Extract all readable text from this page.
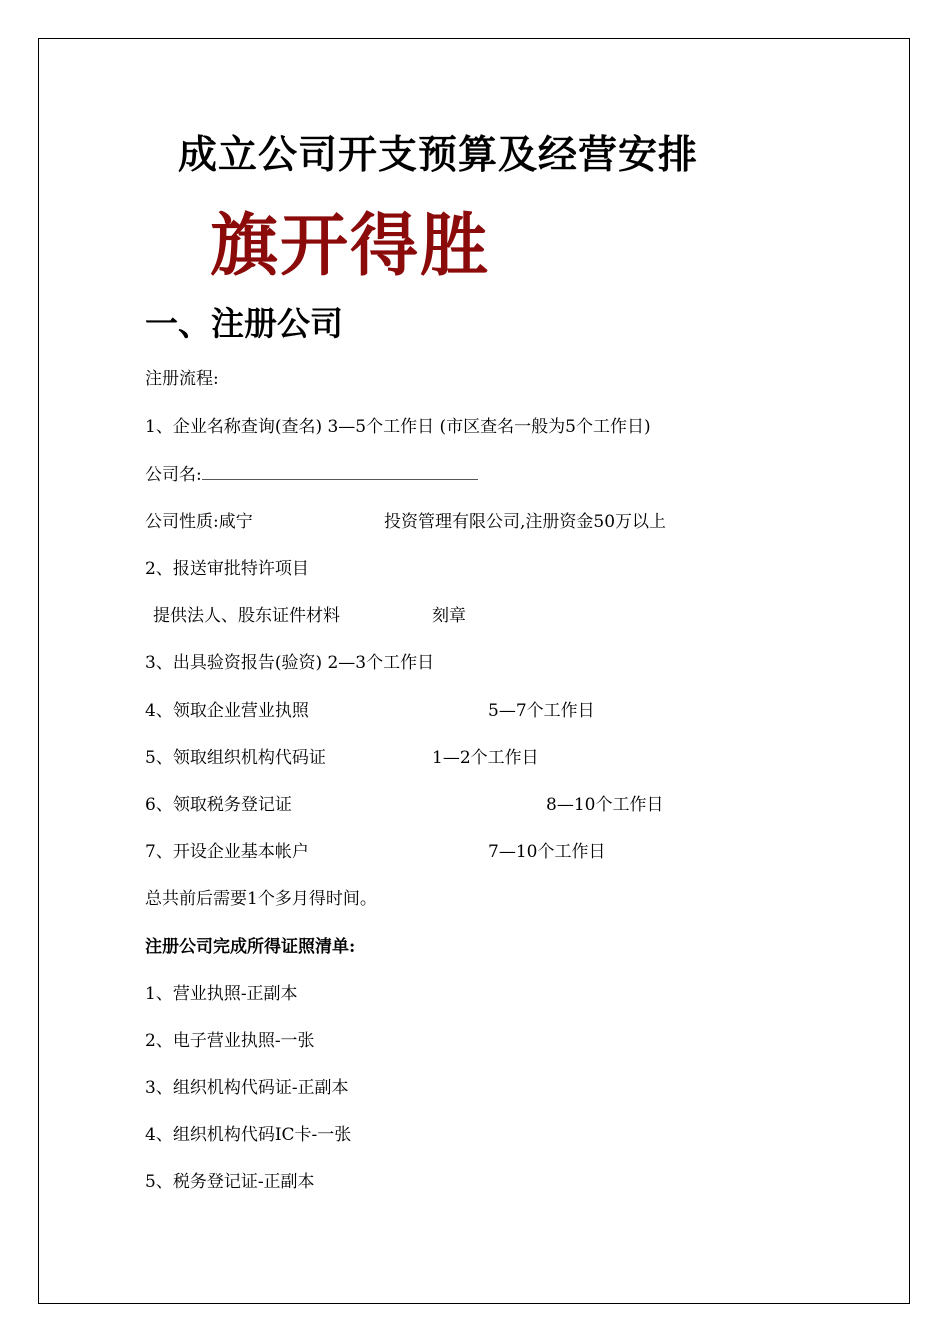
成立公司开支预算及经营安排
旗开得胜
一、注册公司
注册流程:
1、企业名称查询(查名) 3—5个工作日 (市区查名一般为5个工作日)
公司名:
公司性质:咸宁	投资管理有限公司,注册资金50万以上
2、报送审批特许项目
提供法人、股东证件材料	刻章
3、出具验资报告(验资) 2—3个工作日
4、领取企业营业执照	5—7个工作日
5、领取组织机构代码证	1—2个工作日
6、领取税务登记证	8—10个工作日
7、开设企业基本帐户	7—10个工作日
总共前后需要1个多月得时间。
注册公司完成所得证照清单:
1、营业执照-正副本
2、电子营业执照-一张
3、组织机构代码证-正副本
4、组织机构代码IC卡-一张
5、税务登记证-正副本
